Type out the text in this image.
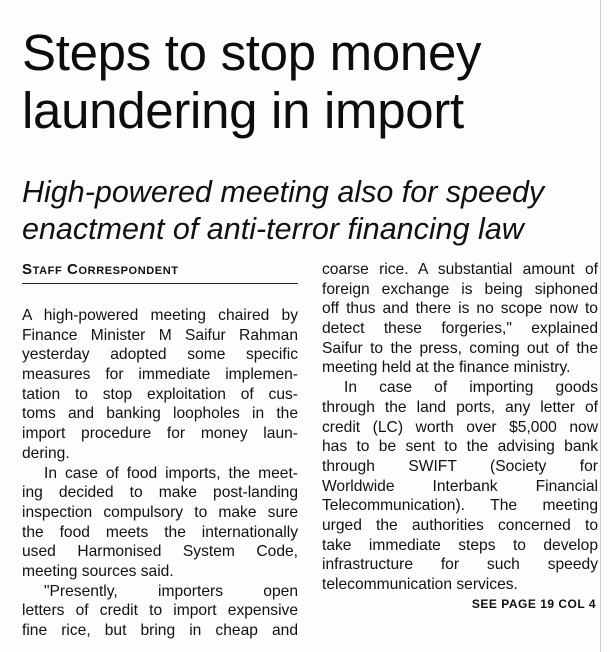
Steps to stop money
laundering in import
High-powered meeting also for speedy
enactment of anti-terror financing law
Staff Correspondent
A high-powered meeting chaired by
Finance Minister M Saifur Rahman
yesterday adopted some specific
measures for immediate implemen-
tation to stop exploitation of cus-
toms and banking loopholes in the
import procedure for money laun-
dering.
In case of food imports, the meet-
ing decided to make post-landing
inspection compulsory to make sure
the food meets the internationally
used Harmonised System Code,
meeting sources said.
"Presently, importers open
letters of credit to import expensive
fine rice, but bring in cheap and
coarse rice. A substantial amount of
foreign exchange is being siphoned
off thus and there is no scope now to
detect these forgeries," explained
Saifur to the press, coming out of the
meeting held at the finance ministry.
In case of importing goods
through the land ports, any letter of
credit (LC) worth over $5,000 now
has to be sent to the advising bank
through SWIFT (Society for
Worldwide Interbank Financial
Telecommunication). The meeting
urged the authorities concerned to
take immediate steps to develop
infrastructure for such speedy
telecommunication services.
SEE PAGE 19 COL 4
